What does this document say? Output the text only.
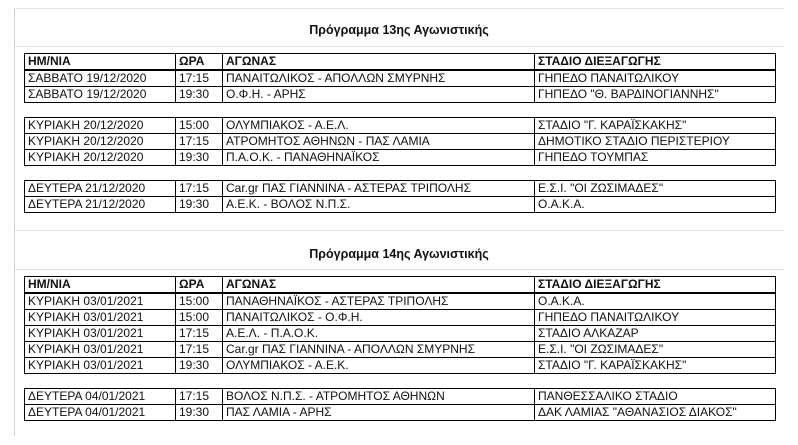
Πρόγραμμα 13ης Αγωνιστικής
ΗΜ/ΝΙΑ	ΩΡΑ	ΑΓΩΝΑΣ	ΣΤΑΔΙΟ ΔΙΕΞΑΓΩΓΗΣ
ΣΑΒΒΑΤΟ 19/12/2020	17:15	ΠΑΝΑΙΤΩΛΙΚΟΣ - ΑΠΟΛΛΩΝ ΣΜΥΡΝΗΣ	ΓΗΠΕΔΟ ΠΑΝΑΙΤΩΛΙΚΟΥ
ΣΑΒΒΑΤΟ 19/12/2020	19:30	Ο.Φ.Η. - ΑΡΗΣ	ΓΗΠΕΔΟ "Θ. ΒΑΡΔΙΝΟΓΙΑΝΝΗΣ"

ΚΥΡΙΑΚΗ 20/12/2020	15:00	ΟΛΥΜΠΙΑΚΟΣ - Α.Ε.Λ.	ΣΤΑΔΙΟ "Γ. ΚΑΡΑΪΣΚΑΚΗΣ"
ΚΥΡΙΑΚΗ 20/12/2020	17:15	ΑΤΡΟΜΗΤΟΣ ΑΘΗΝΩΝ - ΠΑΣ ΛΑΜΙΑ	ΔΗΜΟΤΙΚΟ ΣΤΑΔΙΟ ΠΕΡΙΣΤΕΡΙΟΥ
ΚΥΡΙΑΚΗ 20/12/2020	19:30	Π.Α.Ο.Κ. - ΠΑΝΑΘΗΝΑΪΚΟΣ	ΓΗΠΕΔΟ ΤΟΥΜΠΑΣ

ΔΕΥΤΕΡΑ 21/12/2020	17:15	Car.gr ΠΑΣ ΓΙΑΝΝΙΝΑ - ΑΣΤΕΡΑΣ ΤΡΙΠΟΛΗΣ	Ε.Σ.Ι. "ΟΙ ΖΩΣΙΜΑΔΕΣ"
ΔΕΥΤΕΡΑ 21/12/2020	19:30	Α.Ε.Κ. - ΒΟΛΟΣ Ν.Π.Σ.	Ο.Α.Κ.Α.
Πρόγραμμα 14ης Αγωνιστικής
ΗΜ/ΝΙΑ	ΩΡΑ	ΑΓΩΝΑΣ	ΣΤΑΔΙΟ ΔΙΕΞΑΓΩΓΗΣ
ΚΥΡΙΑΚΗ 03/01/2021	15:00	ΠΑΝΑΘΗΝΑΪΚΟΣ - ΑΣΤΕΡΑΣ ΤΡΙΠΟΛΗΣ	Ο.Α.Κ.Α.
ΚΥΡΙΑΚΗ 03/01/2021	15:00	ΠΑΝΑΙΤΩΛΙΚΟΣ - Ο.Φ.Η.	ΓΗΠΕΔΟ ΠΑΝΑΙΤΩΛΙΚΟΥ
ΚΥΡΙΑΚΗ 03/01/2021	17:15	Α.Ε.Λ. - Π.Α.Ο.Κ.	ΣΤΑΔΙΟ ΑΛΚΑΖΑΡ
ΚΥΡΙΑΚΗ 03/01/2021	17:15	Car.gr ΠΑΣ ΓΙΑΝΝΙΝΑ - ΑΠΟΛΛΩΝ ΣΜΥΡΝΗΣ	Ε.Σ.Ι. "ΟΙ ΖΩΣΙΜΑΔΕΣ"
ΚΥΡΙΑΚΗ 03/01/2021	19:30	ΟΛΥΜΠΙΑΚΟΣ - Α.Ε.Κ.	ΣΤΑΔΙΟ "Γ. ΚΑΡΑΪΣΚΑΚΗΣ"

ΔΕΥΤΕΡΑ 04/01/2021	17:15	ΒΟΛΟΣ Ν.Π.Σ. - ΑΤΡΟΜΗΤΟΣ ΑΘΗΝΩΝ	ΠΑΝΘΕΣΣΑΛΙΚΟ ΣΤΑΔΙΟ
ΔΕΥΤΕΡΑ 04/01/2021	19:30	ΠΑΣ ΛΑΜΙΑ - ΑΡΗΣ	ΔΑΚ ΛΑΜΙΑΣ "ΑΘΑΝΑΣΙΟΣ ΔΙΑΚΟΣ"
